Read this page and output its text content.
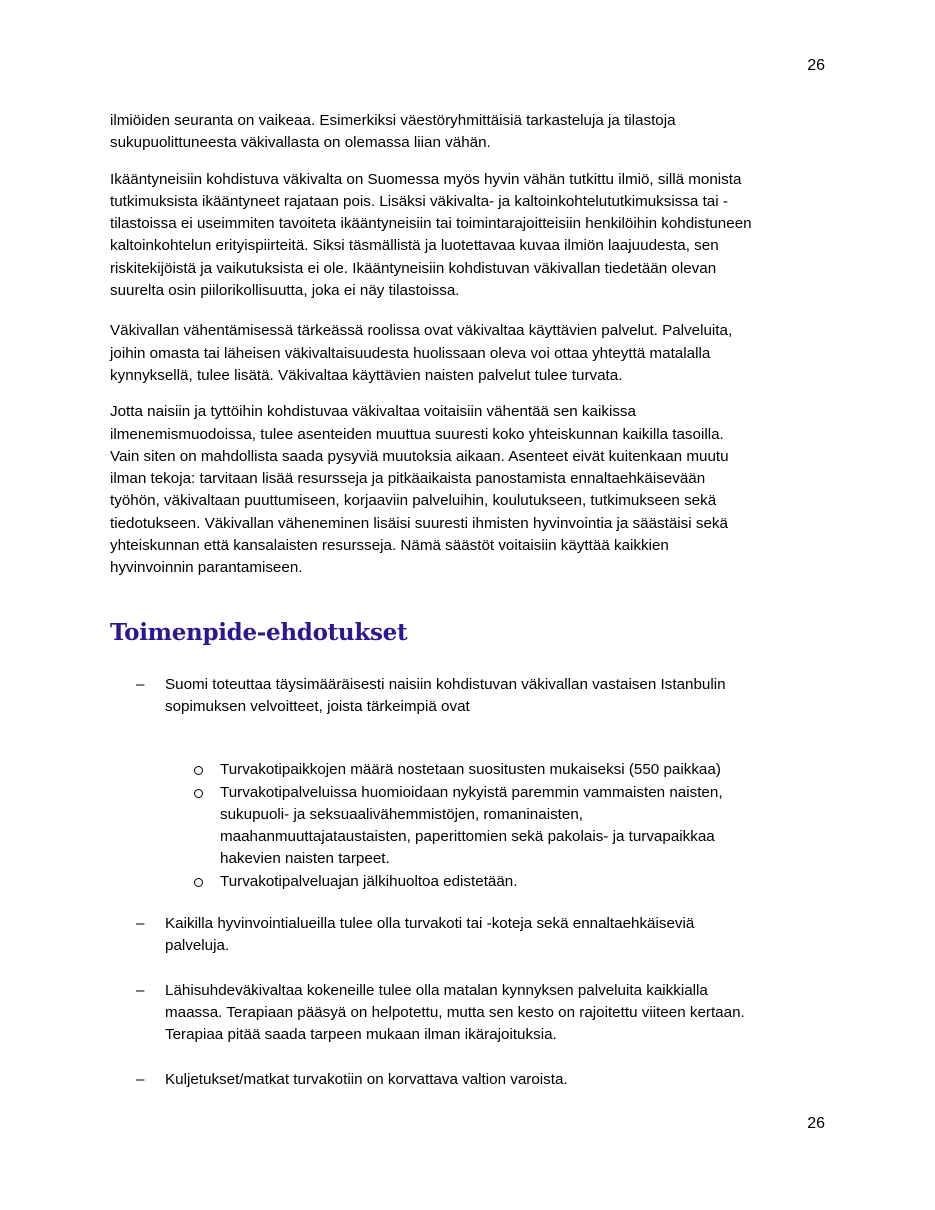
26

ilmiöiden seuranta on vaikeaa. Esimerkiksi väestöryhmittäisiä tarkasteluja ja tilastoja
sukupuolittuneesta väkivallasta on olemassa liian vähän.

Ikääntyneisiin kohdistuva väkivalta on Suomessa myös hyvin vähän tutkittu ilmiö, sillä monista
tutkimuksista ikääntyneet rajataan pois. Lisäksi väkivalta- ja kaltoinkohtelututkimuksissa tai -
tilastoissa ei useimmiten tavoiteta ikääntyneisiin tai toimintarajoitteisiin henkilöihin kohdistuneen
kaltoinkohtelun erityispiirteitä. Siksi täsmällistä ja luotettavaa kuvaa ilmiön laajuudesta, sen
riskitekijöistä ja vaikutuksista ei ole. Ikääntyneisiin kohdistuvan väkivallan tiedetään olevan
suurelta osin piilorikollisuutta, joka ei näy tilastoissa.

Väkivallan vähentämisessä tärkeässä roolissa ovat väkivaltaa käyttävien palvelut. Palveluita,
joihin omasta tai läheisen väkivaltaisuudesta huolissaan oleva voi ottaa yhteyttä matalalla
kynnyksellä, tulee lisätä. Väkivaltaa käyttävien naisten palvelut tulee turvata.

Jotta naisiin ja tyttöihin kohdistuvaa väkivaltaa voitaisiin vähentää sen kaikissa
ilmenemismuodoissa, tulee asenteiden muuttua suuresti koko yhteiskunnan kaikilla tasoilla.
Vain siten on mahdollista saada pysyviä muutoksia aikaan. Asenteet eivät kuitenkaan muutu
ilman tekoja: tarvitaan lisää resursseja ja pitkäaikaista panostamista ennaltaehkäisevään
työhön, väkivaltaan puuttumiseen, korjaaviin palveluihin, koulutukseen, tutkimukseen sekä
tiedotukseen. Väkivallan väheneminen lisäisi suuresti ihmisten hyvinvointia ja säästäisi sekä
yhteiskunnan että kansalaisten resursseja. Nämä säästöt voitaisiin käyttää kaikkien
hyvinvoinnin parantamiseen.

Toimenpide-ehdotukset
– Suomi toteuttaa täysimääräisesti naisiin kohdistuvan väkivallan vastaisen Istanbulin
sopimuksen velvoitteet, joista tärkeimpiä ovat
Turvakotipaikkojen määrä nostetaan suositusten mukaiseksi (550 paikkaa)
Turvakotipalveluissa huomioidaan nykyistä paremmin vammaisten naisten,
sukupuoli- ja seksuaalivähemmistöjen, romaninaisten,
maahanmuuttajataustaisten, paperittomien sekä pakolais- ja turvapaikkaa
hakevien naisten tarpeet.
Turvakotipalveluajan jälkihuoltoa edistetään.
– Kaikilla hyvinvointialueilla tulee olla turvakoti tai -koteja sekä ennaltaehkäiseviä
palveluja.
– Lähisuhdeväkivaltaa kokeneille tulee olla matalan kynnyksen palveluita kaikkialla
maassa. Terapiaan pääsyä on helpotettu, mutta sen kesto on rajoitettu viiteen kertaan.
Terapiaa pitää saada tarpeen mukaan ilman ikärajoituksia.
– Kuljetukset/matkat turvakotiin on korvattava valtion varoista.
26
